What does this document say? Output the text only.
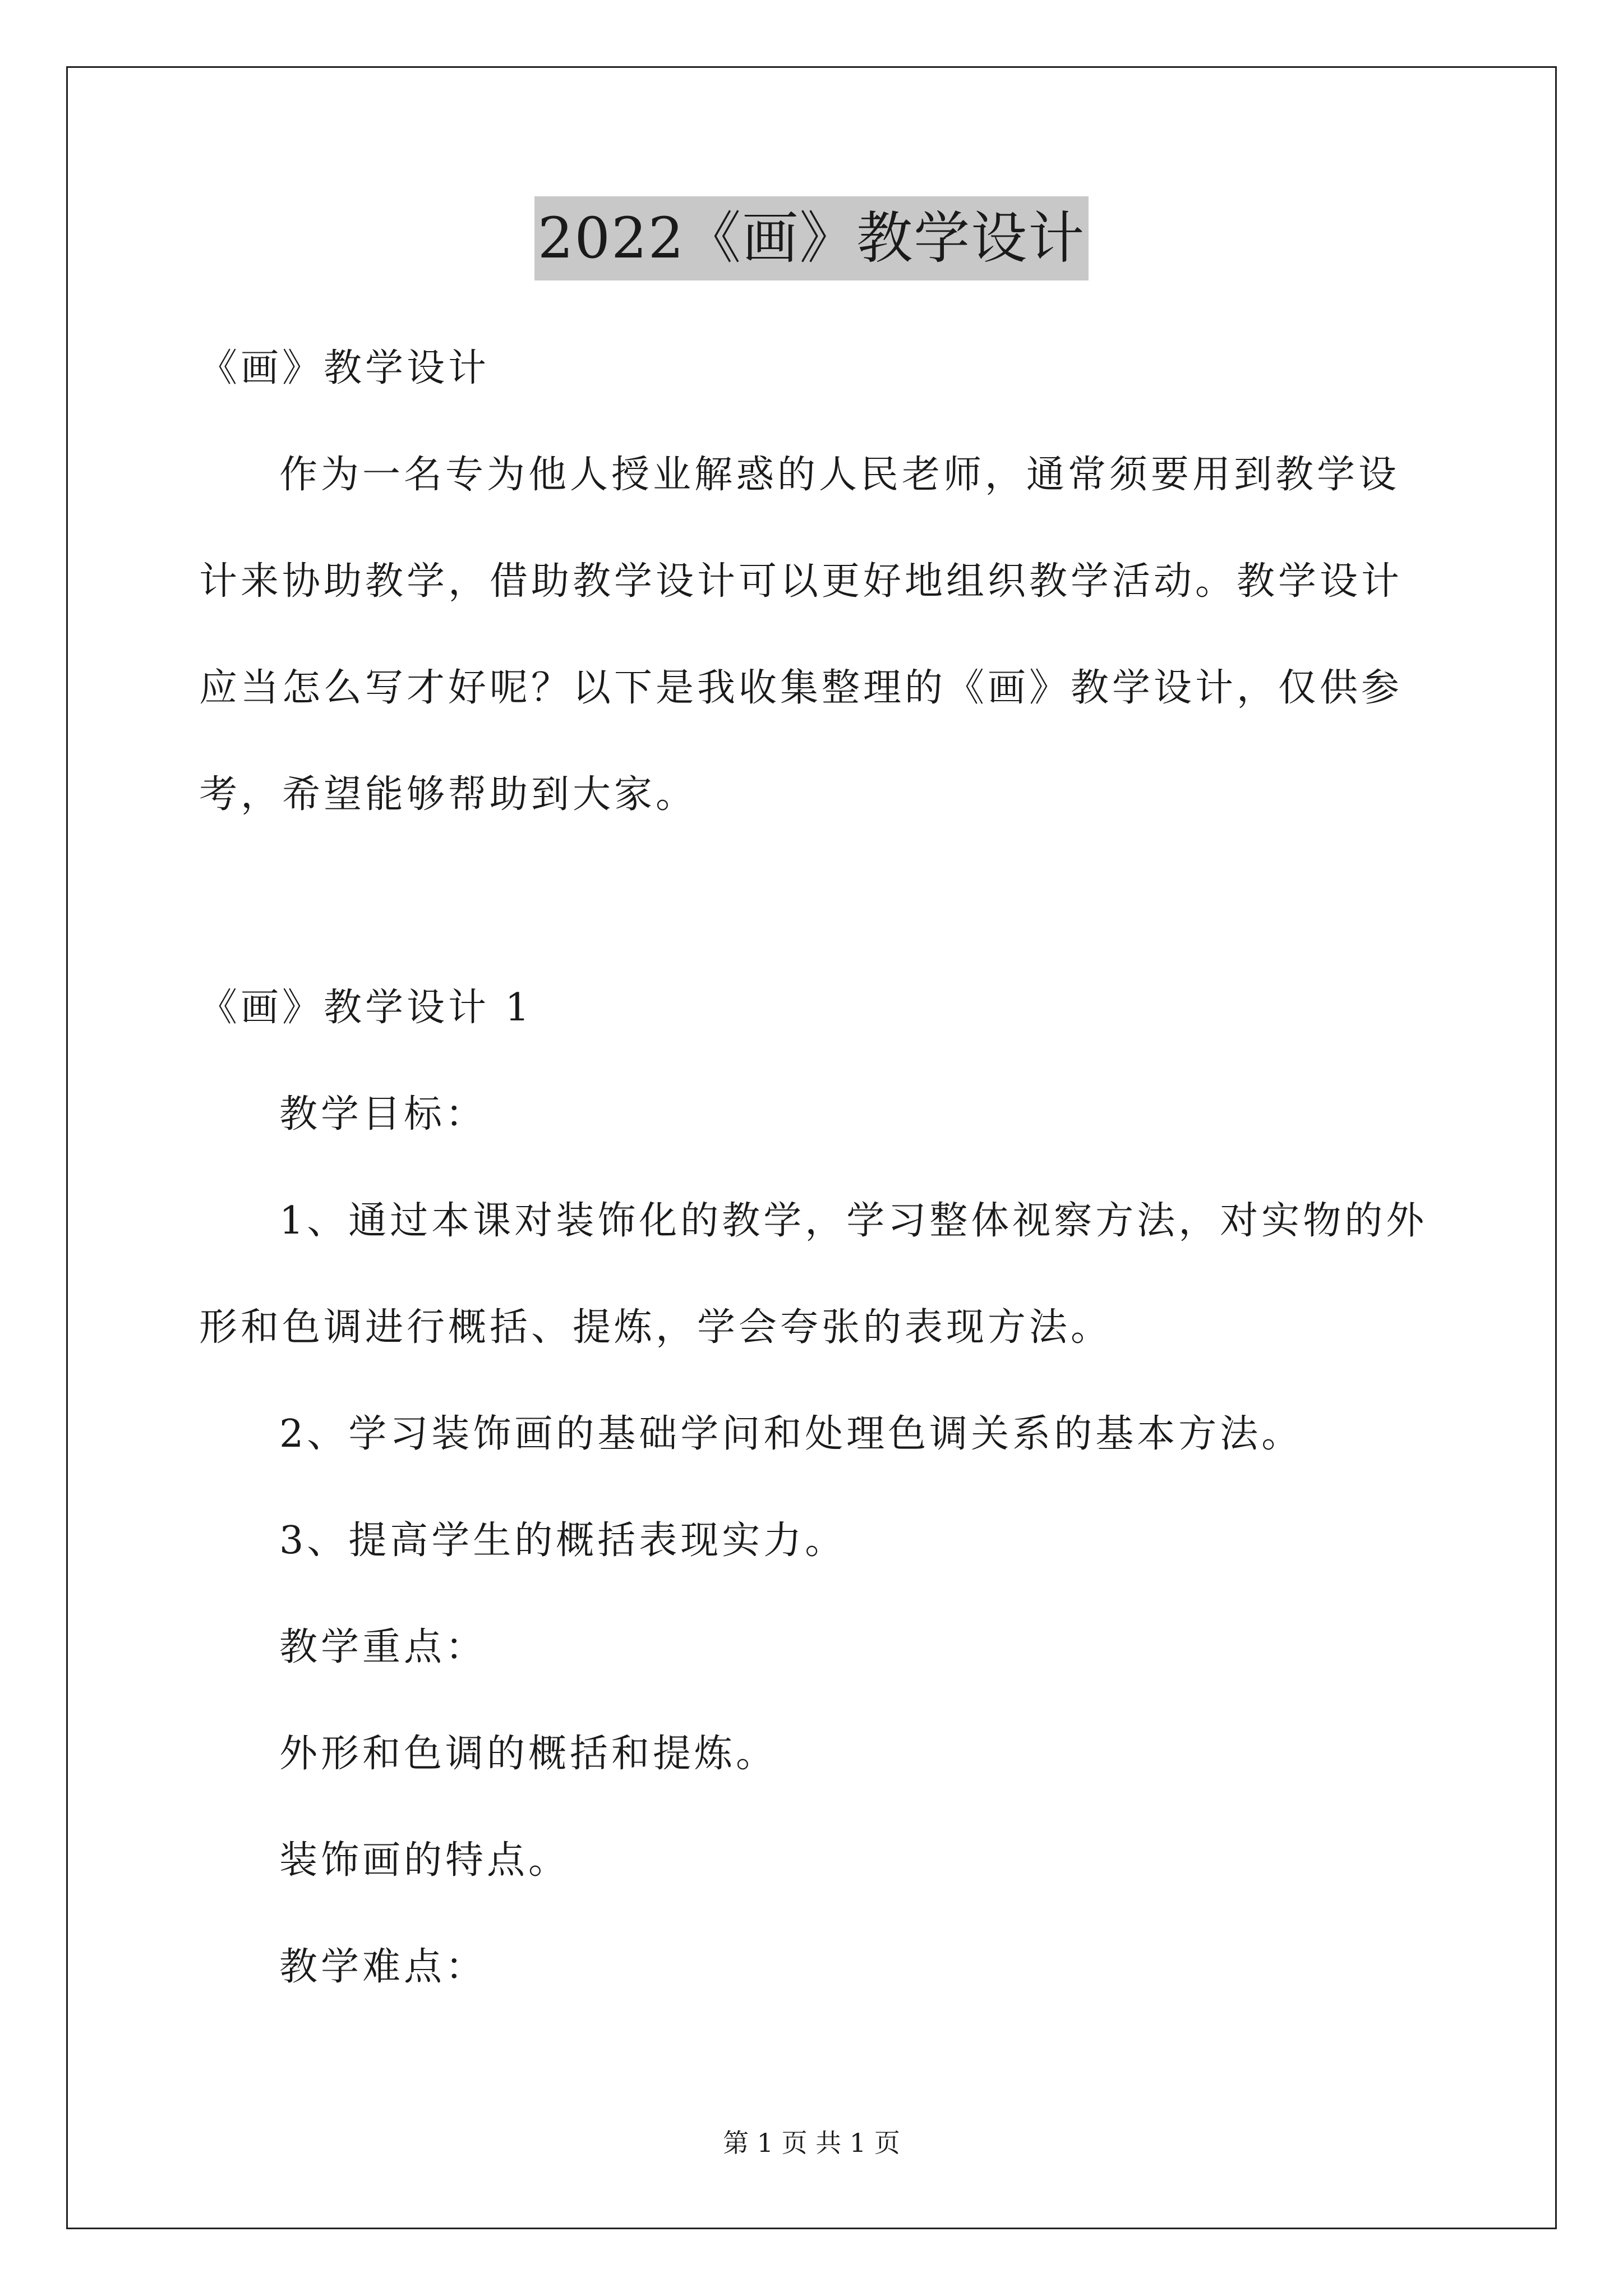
2022《画》教学设计

《画》教学设计

作为一名专为他人授业解惑的人民老师，通常须要用到教学设计来协助教学，借助教学设计可以更好地组织教学活动。教学设计应当怎么写才好呢？以下是我收集整理的《画》教学设计，仅供参考，希望能够帮助到大家。

《画》教学设计 1

教学目标：

1、通过本课对装饰化的教学，学习整体视察方法，对实物的外形和色调进行概括、提炼，学会夸张的表现方法。

2、学习装饰画的基础学问和处理色调关系的基本方法。

3、提高学生的概括表现实力。

教学重点：

外形和色调的概括和提炼。

装饰画的特点。

教学难点：

第 1 页 共 1 页
